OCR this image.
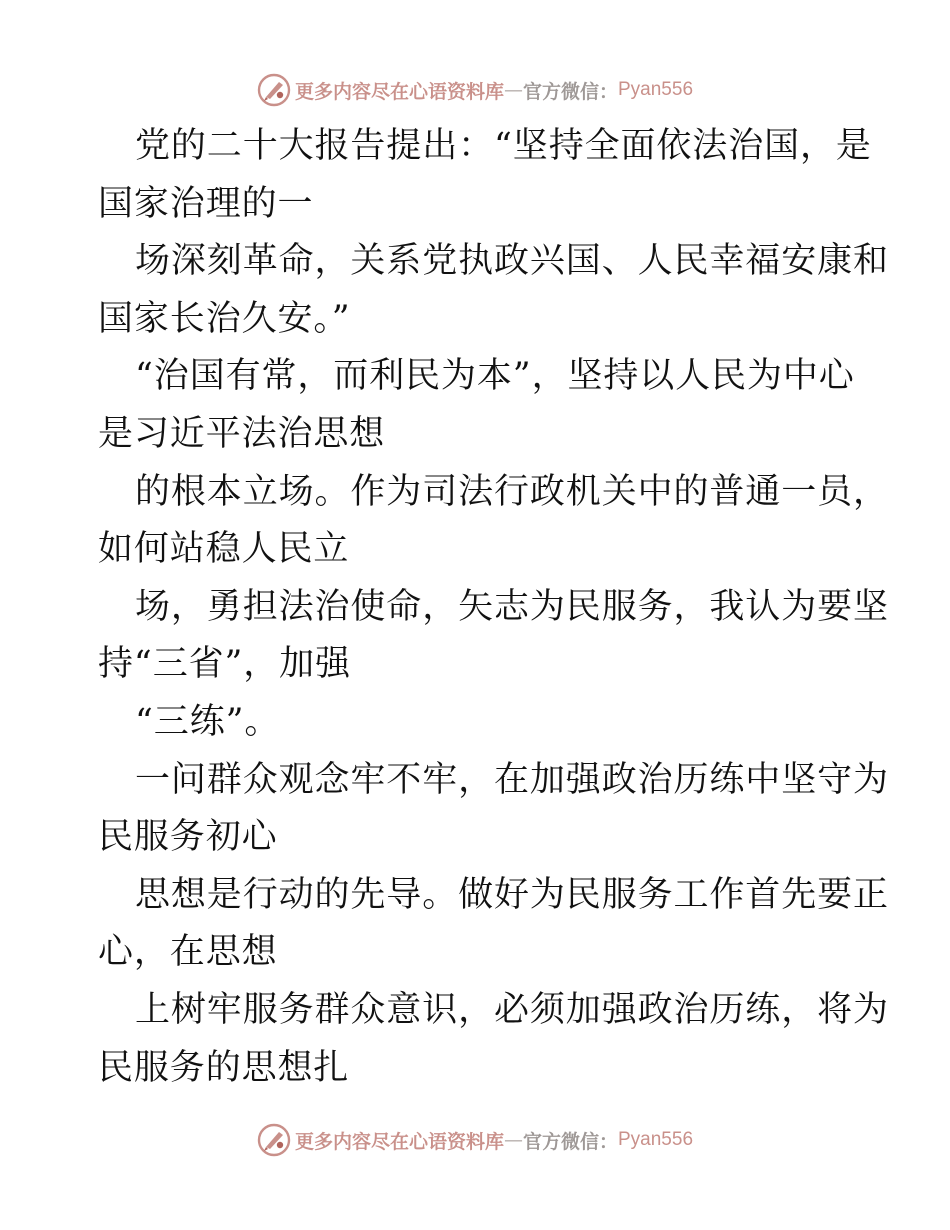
更多内容尽在心语资料库 — 官方微信： Pyan556
党的二十大报告提出：“坚持全面依法治国，是
国家治理的一
场深刻革命，关系党执政兴国、人民幸福安康和
国家长治久安。”
“治国有常，而利民为本”，坚持以人民为中心
是习近平法治思想
的根本立场。作为司法行政机关中的普通一员，
如何站稳人民立
场，勇担法治使命，矢志为民服务，我认为要坚
持“三省”，加强
“三练”。
一问群众观念牢不牢，在加强政治历练中坚守为
民服务初心
思想是行动的先导。做好为民服务工作首先要正
心，在思想
上树牢服务群众意识，必须加强政治历练，将为
民服务的思想扎
更多内容尽在心语资料库 — 官方微信： Pyan556
